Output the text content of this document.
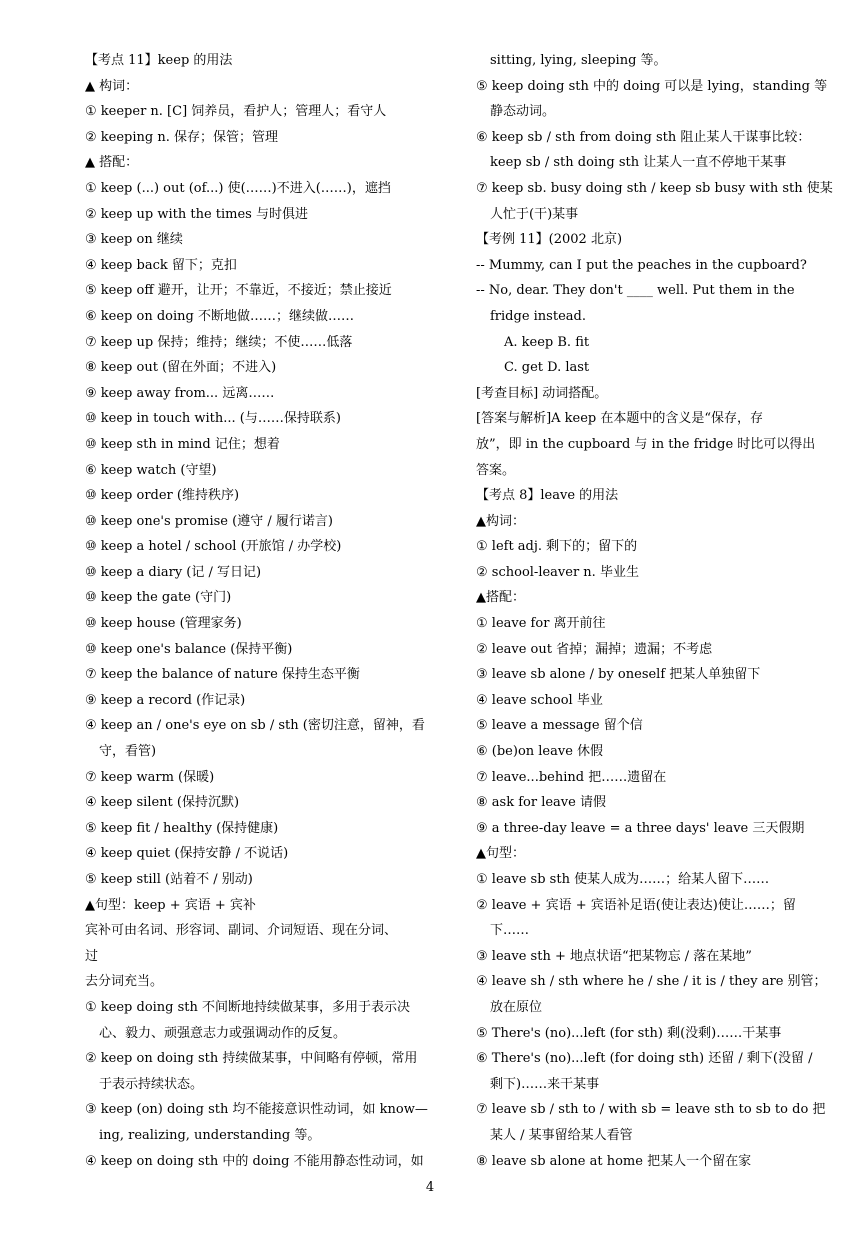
【考点 11】keep 的用法
▲ 构词：
① keeper n. [C] 饲养员，看护人；管理人；看守人
② keeping n. 保存；保管；管理
▲ 搭配：
① keep (...) out (of...) 使(……)不进入(……)，遮挡
② keep up with the times 与时俱进
③ keep on 继续
④ keep back 留下；克扣
⑤ keep off 避开，让开；不靠近，不接近；禁止接近
⑥ keep on doing 不断地做……；继续做……
⑦ keep up 保持；维持；继续；不使……低落
⑧ keep out (留在外面；不进入)
⑨ keep away from... 远离……
⑩ keep in touch with... (与……保持联系)
⑩ keep sth in mind 记住；想着
⑥ keep watch (守望)
⑩ keep order (维持秩序)
⑩ keep one's promise (遵守 / 履行诺言)
⑩ keep a hotel / school (开旅馆 / 办学校)
⑩ keep a diary (记 / 写日记)
⑩ keep the gate (守门)
⑩ keep house (管理家务)
⑩ keep one's balance (保持平衡)
⑦ keep the balance of nature 保持生态平衡
⑨ keep a record (作记录)
④ keep an / one's eye on sb / sth (密切注意，留神，看
守，看管)
⑦ keep warm (保暖)
④ keep silent (保持沉默)
⑤ keep fit / healthy (保持健康)
④ keep quiet (保持安静 / 不说话)
⑤ keep still (站着不 / 别动)
▲句型：keep + 宾语 + 宾补
宾补可由名词、形容词、副词、介词短语、现在分词、
过
去分词充当。
① keep doing sth 不间断地持续做某事，多用于表示决
心、毅力、顽强意志力或强调动作的反复。
② keep on doing sth 持续做某事，中间略有停顿，常用
于表示持续状态。
③ keep (on) doing sth 均不能接意识性动词，如 know—
ing, realizing, understanding 等。
④ keep on doing sth 中的 doing 不能用静态性动词，如
sitting, lying, sleeping 等。
⑤ keep doing sth 中的 doing 可以是 lying，standing 等
静态动词。
⑥ keep sb / sth from doing sth 阻止某人干谋事比较：
keep sb / sth doing sth 让某人一直不停地干某事
⑦ keep sb. busy doing sth / keep sb busy with sth 使某
人忙于(干)某事
【考例 11】(2002 北京)
-- Mummy, can I put the peaches in the cupboard?
-- No, dear. They don't ____ well. Put them in the
fridge instead.
A. keep B. fit
C. get D. last
[考查目标] 动词搭配。
[答案与解析]A keep 在本题中的含义是“保存，存
放”，即 in the cupboard 与 in the fridge 时比可以得出
答案。
【考点 8】leave 的用法
▲构词：
① left adj. 剩下的；留下的
② school-leaver n. 毕业生
▲搭配：
① leave for 离开前往
② leave out 省掉；漏掉；遗漏；不考虑
③ leave sb alone / by oneself 把某人单独留下
④ leave school 毕业
⑤ leave a message 留个信
⑥ (be)on leave 休假
⑦ leave...behind 把……遗留在
⑧ ask for leave 请假
⑨ a three-day leave = a three days' leave 三天假期
▲句型：
① leave sb sth 使某人成为……；给某人留下……
② leave + 宾语 + 宾语补足语(使让表达)使让……；留
下……
③ leave sth + 地点状语“把某物忘 / 落在某地”
④ leave sh / sth where he / she / it is / they are 别管；
放在原位
⑤ There's (no)...left (for sth) 剩(没剩)……干某事
⑥ There's (no)...left (for doing sth) 还留 / 剩下(没留 /
剩下)……来干某事
⑦ leave sb / sth to / with sb = leave sth to sb to do 把
某人 / 某事留给某人看管
⑧ leave sb alone at home 把某人一个留在家
4
